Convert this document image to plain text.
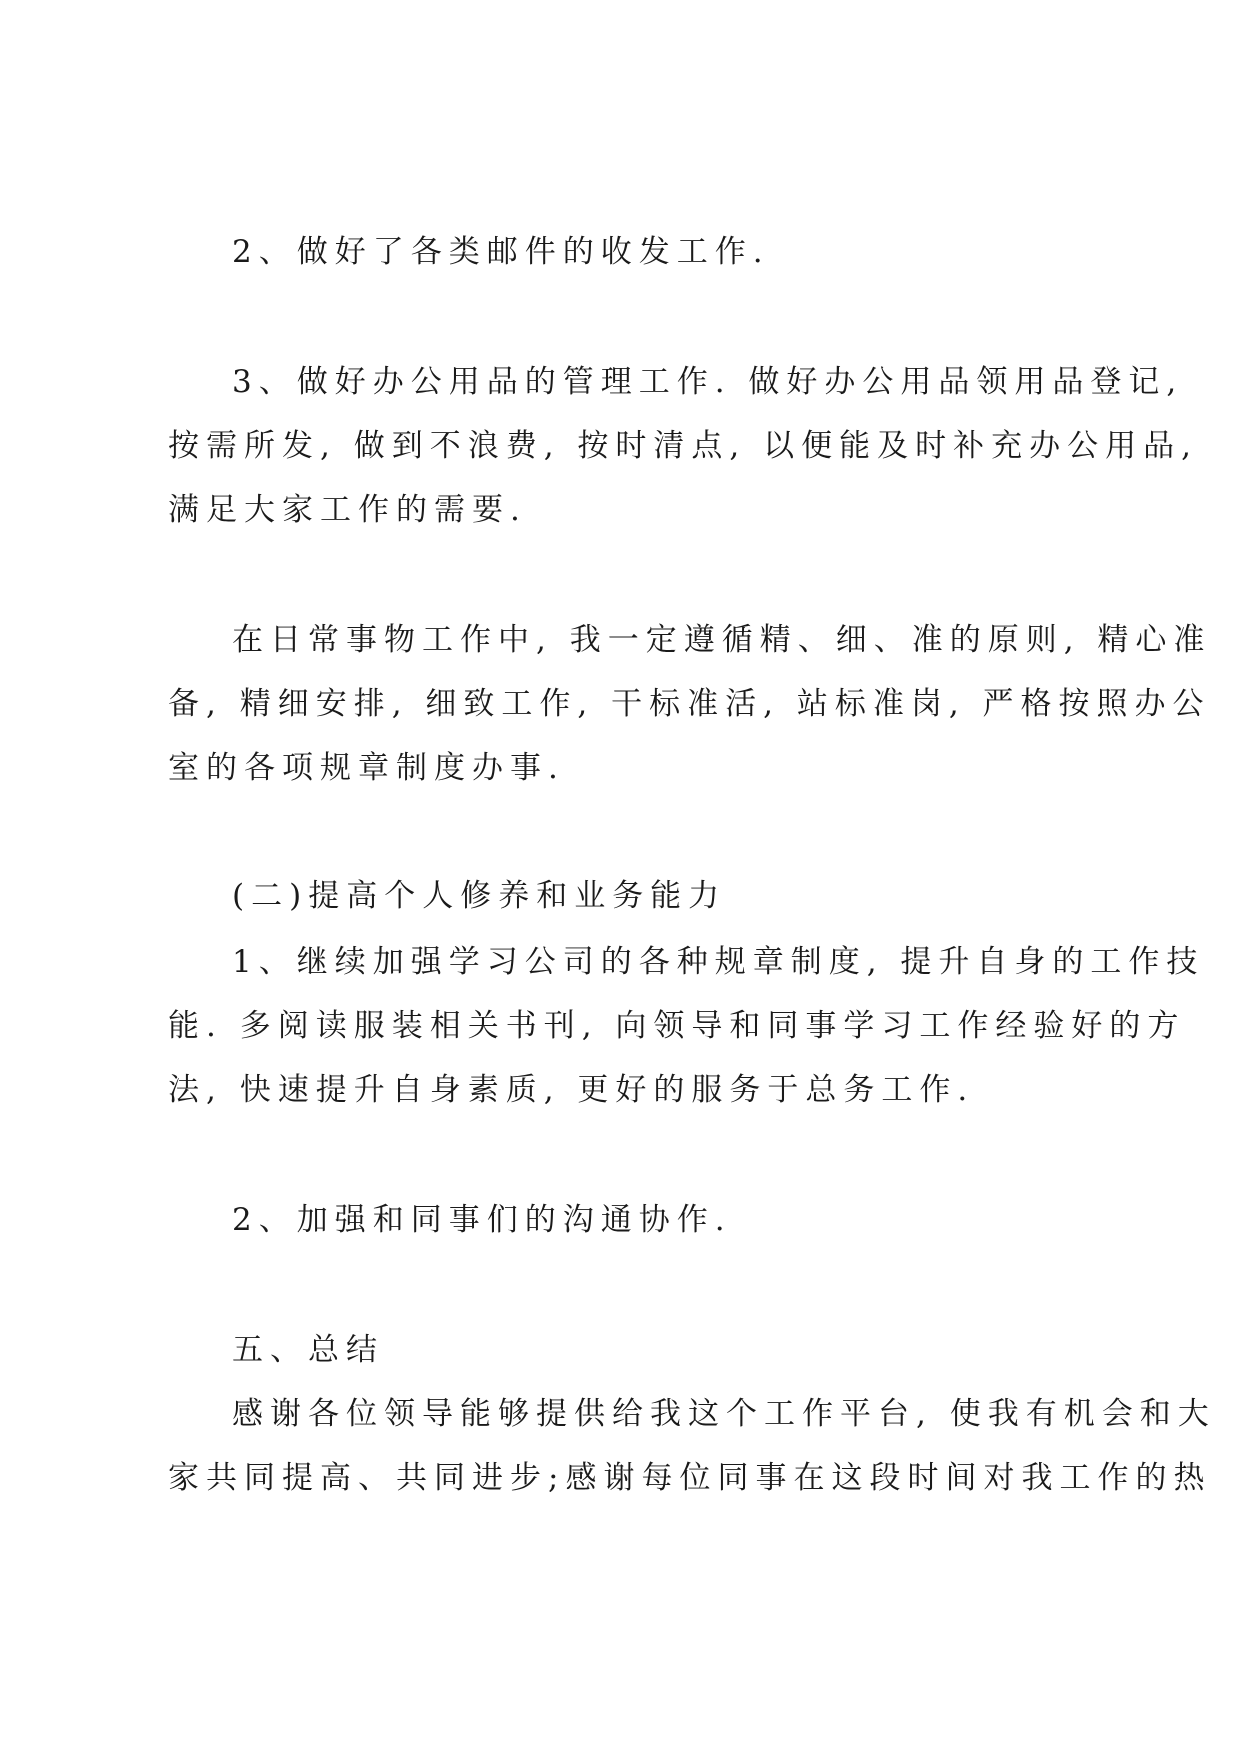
2、做好了各类邮件的收发工作.

3、做好办公用品的管理工作. 做好办公用品领用品登记,

按需所发, 做到不浪费, 按时清点, 以便能及时补充办公用品,

满足大家工作的需要.

在日常事物工作中, 我一定遵循精、细、准的原则, 精心准

备, 精细安排, 细致工作, 干标准活, 站标准岗, 严格按照办公

室的各项规章制度办事.

(二)提高个人修养和业务能力

1、继续加强学习公司的各种规章制度, 提升自身的工作技

能. 多阅读服装相关书刊, 向领导和同事学习工作经验好的方

法, 快速提升自身素质, 更好的服务于总务工作.

2、加强和同事们的沟通协作.

五、总结

感谢各位领导能够提供给我这个工作平台, 使我有机会和大

家共同提高、共同进步;感谢每位同事在这段时间对我工作的热
